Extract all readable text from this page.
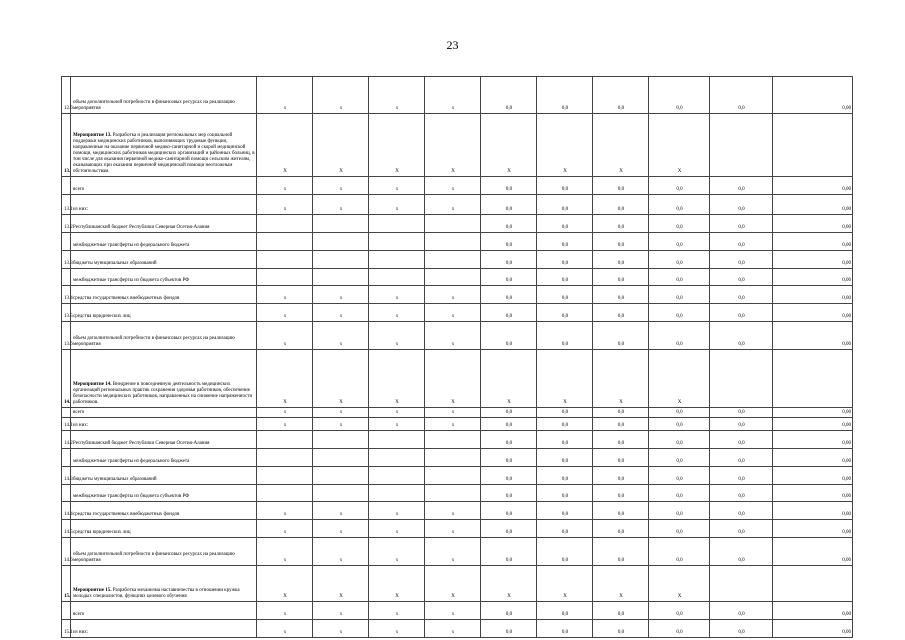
23
12.6	объем дополнительной потребности в финансовых ресурсах на реализацию мероприятия	х	х	х	х	0,0	0,0	0,0	0,0	0,0	0,00
13.	Мероприятие 13. Разработка и реализация региональных мер социальной поддержки медицинских работников, выполняющих трудовые функции, направленные на оказание первичной медико-санитарной и скорой медицинской помощи, медицинских работников медицинских организаций и районных больниц, в том числе для оказания первичной медико-санитарной помощи сельским жителям, оказывающих при оказании первичной медицинской помощи неотложным обстоятельствам.	Х	Х	Х	Х	Х	Х	Х	Х		
	всего	х	х	х	х	0,0	0,0	0,0	0,0	0,0	0,00
13.1	из них:	х	х	х	х	0,0	0,0	0,0	0,0	0,0	0,00
13.2	Республиканский бюджет Республики Северная Осетия-Алания					0,0	0,0	0,0	0,0	0,0	0,00
	межбюджетные трансферты из федерального бюджета					0,0	0,0	0,0	0,0	0,0	0,00
13.3	бюджеты муниципальных образований					0,0	0,0	0,0	0,0	0,0	0,00
	межбюджетные трансферты из бюджета субъектов РФ					0,0	0,0	0,0	0,0	0,0	0,00
13.4	средства государственных внебюджетных фондов	х	х	х	х	0,0	0,0	0,0	0,0	0,0	0,00
13.5	средства юридических лиц	х	х	х	х	0,0	0,0	0,0	0,0	0,0	0,00
13.6	объем дополнительной потребности в финансовых ресурсах на реализацию мероприятия	х	х	х	х	0,0	0,0	0,0	0,0	0,0	0,00
14.	Мероприятие 14. Внедрение в повседневную деятельность медицинских организаций региональных практик сохранения здоровья работников, обеспечение безопасности медицинских работников, направленных на снижение напряженности работников.	Х	Х	Х	Х	Х	Х	Х	Х		
	всего	х	х	х	х	0,0	0,0	0,0	0,0	0,0	0,00
14.1	из них:	х	х	х	х	0,0	0,0	0,0	0,0	0,0	0,00
14.2	Республиканский бюджет Республики Северная Осетия-Алания					0,0	0,0	0,0	0,0	0,0	0,00
	межбюджетные трансферты из федерального бюджета					0,0	0,0	0,0	0,0	0,0	0,00
14.3	бюджеты муниципальных образований					0,0	0,0	0,0	0,0	0,0	0,00
	межбюджетные трансферты из бюджета субъектов РФ					0,0	0,0	0,0	0,0	0,0	0,00
14.4	средства государственных внебюджетных фондов	х	х	х	х	0,0	0,0	0,0	0,0	0,0	0,00
14.5	средства юридических лиц	х	х	х	х	0,0	0,0	0,0	0,0	0,0	0,00
14.6	объем дополнительной потребности в финансовых ресурсах на реализацию мероприятия	х	х	х	х	0,0	0,0	0,0	0,0	0,0	0,00
15.	Мероприятие 15. Разработка механизма наставничества в отношении кружка молодых специалистов, функциях целевого обучения	Х	Х	Х	Х	Х	Х	Х	Х		
	всего	х	х	х	х	0,0	0,0	0,0	0,0	0,0	0,00
15.1	из них:	х	х	х	х	0,0	0,0	0,0	0,0	0,0	0,00
